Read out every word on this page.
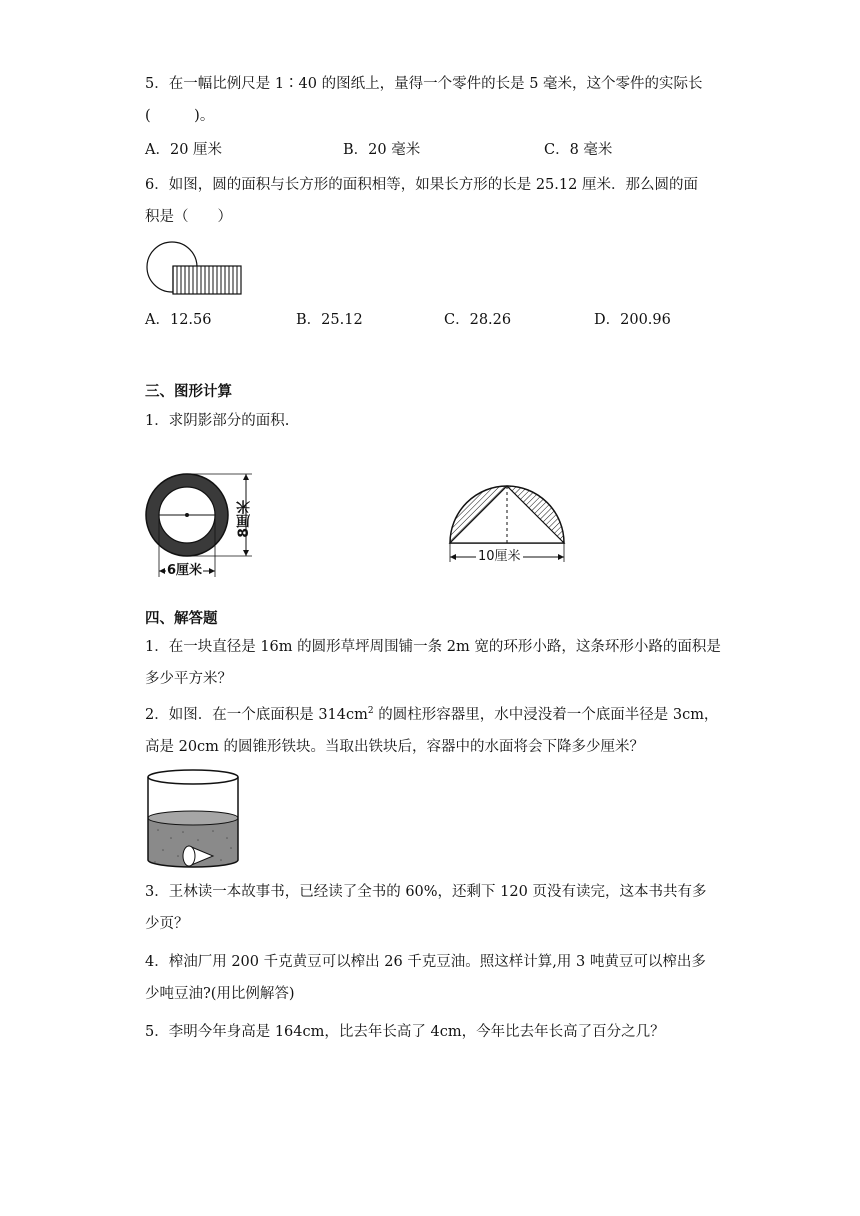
5．在一幅比例尺是 1∶40 的图纸上，量得一个零件的长是 5 毫米，这个零件的实际长
(　　　)。
A．20 厘米	B．20 毫米	C．8 毫米
6．如图，圆的面积与长方形的面积相等，如果长方形的长是 25.12 厘米．那么圆的面
积是（　　）
A．12.56	B．25.12	C．28.26	D．200.96
三、图形计算
1．求阴影部分的面积.
8厘米
6厘米
10厘米
四、解答题
1．在一块直径是 16m 的圆形草坪周围铺一条 2m 宽的环形小路，这条环形小路的面积是
多少平方米？
2．如图．在一个底面积是 $314cm^2$ 的圆柱形容器里，水中浸没着一个底面半径是 3cm，
高是 20cm 的圆锥形铁块。当取出铁块后，容器中的水面将会下降多少厘米？
3．王林读一本故事书，已经读了全书的 60%，还剩下 120 页没有读完，这本书共有多
少页？
4．榨油厂用 200 千克黄豆可以榨出 26 千克豆油。照这样计算,用 3 吨黄豆可以榨出多
少吨豆油?(用比例解答)
5．李明今年身高是 164cm，比去年长高了 4cm，今年比去年长高了百分之几？
